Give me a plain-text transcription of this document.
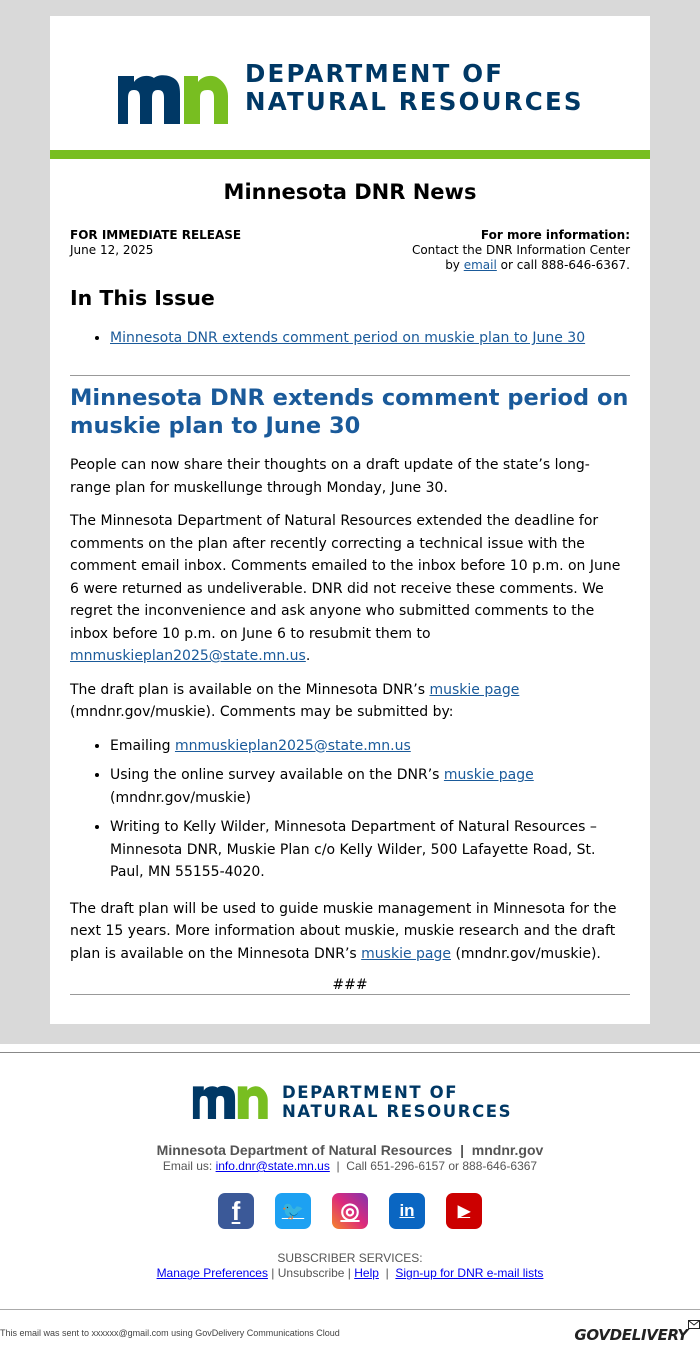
DEPARTMENT OF
NATURAL RESOURCES
Minnesota DNR News
FOR IMMEDIATE RELEASE
June 12, 2025
For more information:
Contact the DNR Information Center
by email or call 888-646-6367.
In This Issue
• Minnesota DNR extends comment period on muskie plan to June 30
Minnesota DNR extends comment period on muskie plan to June 30

People can now share their thoughts on a draft update of the state’s long-range plan for muskellunge through Monday, June 30.

The Minnesota Department of Natural Resources extended the deadline for comments on the plan after recently correcting a technical issue with the comment email inbox. Comments emailed to the inbox before 10 p.m. on June 6 were returned as undeliverable. DNR did not receive these comments. We regret the inconvenience and ask anyone who submitted comments to the inbox before 10 p.m. on June 6 to resubmit them to mnmuskieplan2025@state.mn.us.

The draft plan is available on the Minnesota DNR’s muskie page (mndnr.gov/muskie). Comments may be submitted by:

• Emailing mnmuskieplan2025@state.mn.us
• Using the online survey available on the DNR’s muskie page (mndnr.gov/muskie)
• Writing to Kelly Wilder, Minnesota Department of Natural Resources – Minnesota DNR, Muskie Plan c/o Kelly Wilder, 500 Lafayette Road, St. Paul, MN 55155-4020.

The draft plan will be used to guide muskie management in Minnesota for the next 15 years. More information about muskie, muskie research and the draft plan is available on the Minnesota DNR’s muskie page (mndnr.gov/muskie).

###
DEPARTMENT OF
NATURAL RESOURCES
Minnesota Department of Natural Resources  |  mndnr.gov
Email us: info.dnr@state.mn.us  |  Call 651-296-6157 or 888-646-6367
f 🐦 ◎ in	▶
SUBSCRIBER SERVICES:
Manage Preferences | Unsubscribe | Help  |  Sign-up for DNR e-mail lists
This email was sent to xxxxxx@gmail.com using GovDelivery Communications Cloud	GOVDELIVERY
